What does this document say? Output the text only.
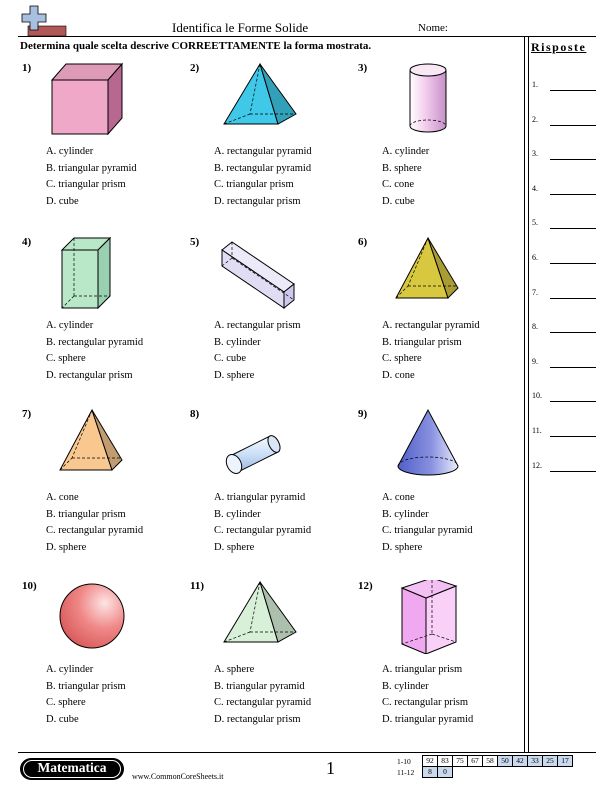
Identifica le Forme Solide	Nome:
Determina quale scelta descrive CORREETTAMENTE la forma mostrata.	Risposte
1.
2.
3.
4.
5.
6.
7.
8.
9.
10.
11.
12.
1)
A. cylinder
B. triangular pyramid
C. triangular prism
D. cube
2)
A. rectangular pyramid
B. rectangular pyramid
C. triangular prism
D. rectangular prism
3)
A. cylinder
B. sphere
C. cone
D. cube
4)
A. cylinder
B. rectangular pyramid
C. sphere
D. rectangular prism
5)
A. rectangular prism
B. cylinder
C. cube
D. sphere
6)
A. rectangular pyramid
B. triangular prism
C. sphere
D. cone
7)
A. cone
B. triangular prism
C. rectangular pyramid
D. sphere
8)
A. triangular pyramid
B. cylinder
C. rectangular pyramid
D. sphere
9)
A. cone
B. cylinder
C. triangular pyramid
D. sphere
10)
A. cylinder
B. triangular prism
C. sphere
D. cube
11)
A. sphere
B. triangular pyramid
C. rectangular pyramid
D. rectangular prism
12)
A. triangular prism
B. cylinder
C. rectangular prism
D. triangular pyramid
Matematica
www.CommonCoreSheets.it	1	1-10	92	83	75	67	58	50	42	33	25	17
11-12	8	0
